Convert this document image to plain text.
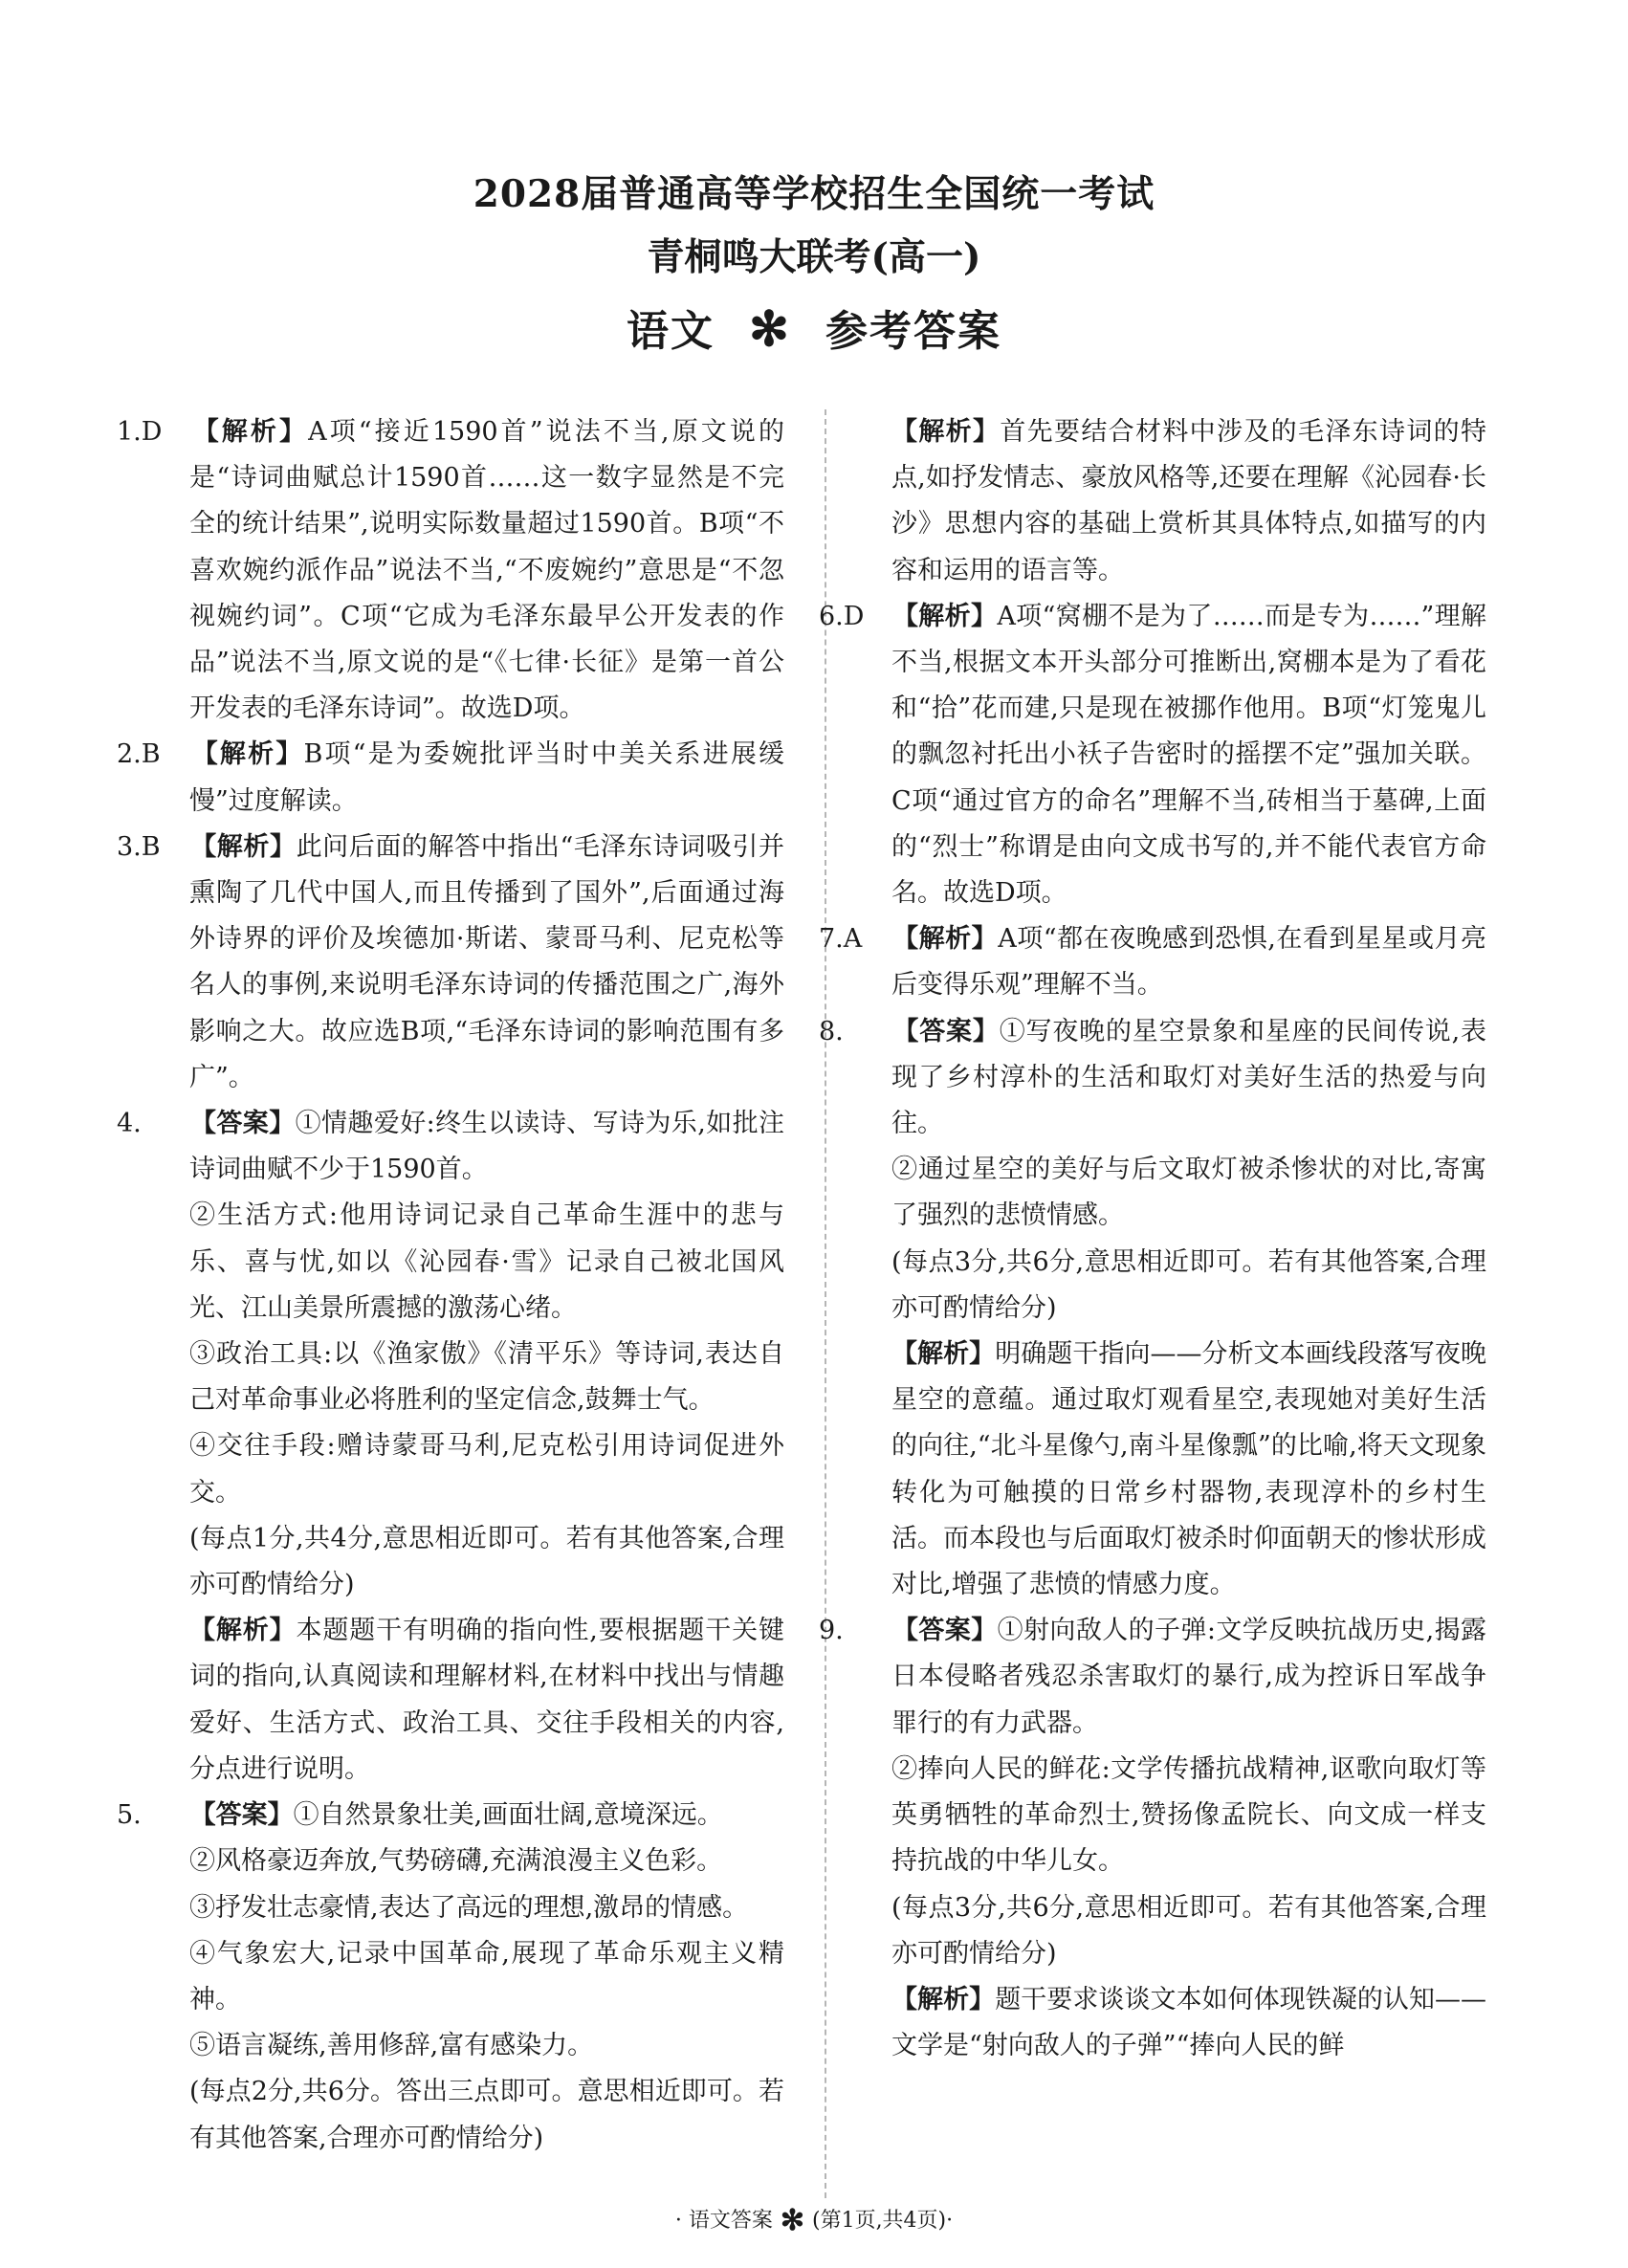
2028届普通高等学校招生全国统一考试
青桐鸣大联考(高一)
语文 ✻ 参考答案

1.D 【解析】A项“接近1590首”说法不当,原文说的是“诗词曲赋总计1590首……这一数字显然是不完全的统计结果”,说明实际数量超过1590首。B项“不喜欢婉约派作品”说法不当,“不废婉约”意思是“不忽视婉约词”。C项“它成为毛泽东最早公开发表的作品”说法不当,原文说的是“《七律·长征》是第一首公开发表的毛泽东诗词”。故选D项。

2.B 【解析】B项“是为委婉批评当时中美关系进展缓慢”过度解读。

3.B 【解析】此问后面的解答中指出“毛泽东诗词吸引并熏陶了几代中国人,而且传播到了国外”,后面通过海外诗界的评价及埃德加·斯诺、蒙哥马利、尼克松等名人的事例,来说明毛泽东诗词的传播范围之广,海外影响之大。故应选B项,“毛泽东诗词的影响范围有多广”。

4. 【答案】①情趣爱好:终生以读诗、写诗为乐,如批注诗词曲赋不少于1590首。

②生活方式:他用诗词记录自己革命生涯中的悲与乐、喜与忧,如以《沁园春·雪》记录自己被北国风光、江山美景所震撼的激荡心绪。

③政治工具:以《渔家傲》《清平乐》等诗词,表达自己对革命事业必将胜利的坚定信念,鼓舞士气。

④交往手段:赠诗蒙哥马利,尼克松引用诗词促进外交。

(每点1分,共4分,意思相近即可。若有其他答案,合理亦可酌情给分)

【解析】本题题干有明确的指向性,要根据题干关键词的指向,认真阅读和理解材料,在材料中找出与情趣爱好、生活方式、政治工具、交往手段相关的内容,分点进行说明。

5. 【答案】①自然景象壮美,画面壮阔,意境深远。

②风格豪迈奔放,气势磅礴,充满浪漫主义色彩。

③抒发壮志豪情,表达了高远的理想,激昂的情感。

④气象宏大,记录中国革命,展现了革命乐观主义精神。

⑤语言凝练,善用修辞,富有感染力。

(每点2分,共6分。答出三点即可。意思相近即可。若有其他答案,合理亦可酌情给分)

【解析】首先要结合材料中涉及的毛泽东诗词的特点,如抒发情志、豪放风格等,还要在理解《沁园春·长沙》思想内容的基础上赏析其具体特点,如描写的内容和运用的语言等。

6.D 【解析】A项“窝棚不是为了……而是专为……”理解不当,根据文本开头部分可推断出,窝棚本是为了看花和“拾”花而建,只是现在被挪作他用。B项“灯笼鬼儿的飘忽衬托出小袄子告密时的摇摆不定”强加关联。C项“通过官方的命名”理解不当,砖相当于墓碑,上面的“烈士”称谓是由向文成书写的,并不能代表官方命名。故选D项。

7.A 【解析】A项“都在夜晚感到恐惧,在看到星星或月亮后变得乐观”理解不当。

8. 【答案】①写夜晚的星空景象和星座的民间传说,表现了乡村淳朴的生活和取灯对美好生活的热爱与向往。

②通过星空的美好与后文取灯被杀惨状的对比,寄寓了强烈的悲愤情感。

(每点3分,共6分,意思相近即可。若有其他答案,合理亦可酌情给分)

【解析】明确题干指向——分析文本画线段落写夜晚星空的意蕴。通过取灯观看星空,表现她对美好生活的向往,“北斗星像勺,南斗星像瓢”的比喻,将天文现象转化为可触摸的日常乡村器物,表现淳朴的乡村生活。而本段也与后面取灯被杀时仰面朝天的惨状形成对比,增强了悲愤的情感力度。

9. 【答案】①射向敌人的子弹:文学反映抗战历史,揭露日本侵略者残忍杀害取灯的暴行,成为控诉日军战争罪行的有力武器。

②捧向人民的鲜花:文学传播抗战精神,讴歌向取灯等英勇牺牲的革命烈士,赞扬像孟院长、向文成一样支持抗战的中华儿女。

(每点3分,共6分,意思相近即可。若有其他答案,合理亦可酌情给分)

【解析】题干要求谈谈文本如何体现铁凝的认知——文学是“射向敌人的子弹”“捧向人民的鲜

· 语文答案 ✻ (第1页,共4页)·
